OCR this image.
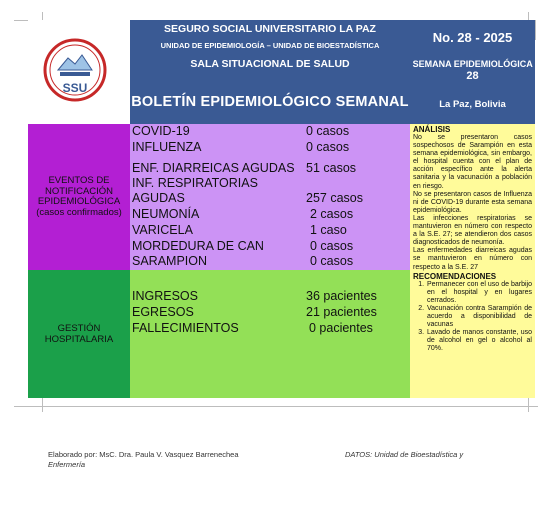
SSU
SEGURO SOCIAL UNIVERSITARIO LA PAZ
UNIDAD DE EPIDEMIOLOGÍA – UNIDAD DE BIOESTADÍSTICA
SALA SITUACIONAL DE SALUD
BOLETÍN EPIDEMIOLÓGICO SEMANAL
No. 28 - 2025
SEMANA EPIDEMIOLÓGICA 28
La Paz, Bolivia
EVENTOS DE NOTIFICACIÓN EPIDEMIOLÓGICA (casos confirmados)
COVID-19	0 casos
INFLUENZA	0 casos
ENF. DIARREICAS AGUDAS 51 casos
INF. RESPIRATORIAS
AGUDAS	257 casos
NEUMONÍA	2 casos
VARICELA	1 caso
MORDEDURA DE CAN	0 casos
SARAMPION	0 casos
GESTIÓN HOSPITALARIA
INGRESOS	36 pacientes
EGRESOS	21 pacientes
FALLECIMIENTOS	0 pacientes
ANÁLISIS

No se presentaron casos sospechosos de Sarampión en esta semana epidemiológica, sin embargo, el hospital cuenta con el plan de acción específico ante la alerta sanitaria y la vacunación a población en riesgo.

No se presentaron casos de Influenza ni de COVID-19 durante esta semana epidemiológica.

Las infecciones respiratorias se mantuvieron en número con respecto a la S.E. 27; se atendieron dos casos diagnosticados de neumonía.

Las enfermedades diarreicas agudas se mantuvieron en número con respecto a la S.E. 27

RECOMENDACIONES
1. Permanecer con el uso de barbijo en el hospital y en lugares cerrados.
2. Vacunación contra Sarampión de acuerdo a disponibilidad de vacunas
3. Lavado de manos constante, uso de alcohol en gel o alcohol al 70%.
Elaborado por: MsC. Dra. Paula V. Vasquez Barrenechea
Enfermería
DATOS: Unidad de Bioestadística y
